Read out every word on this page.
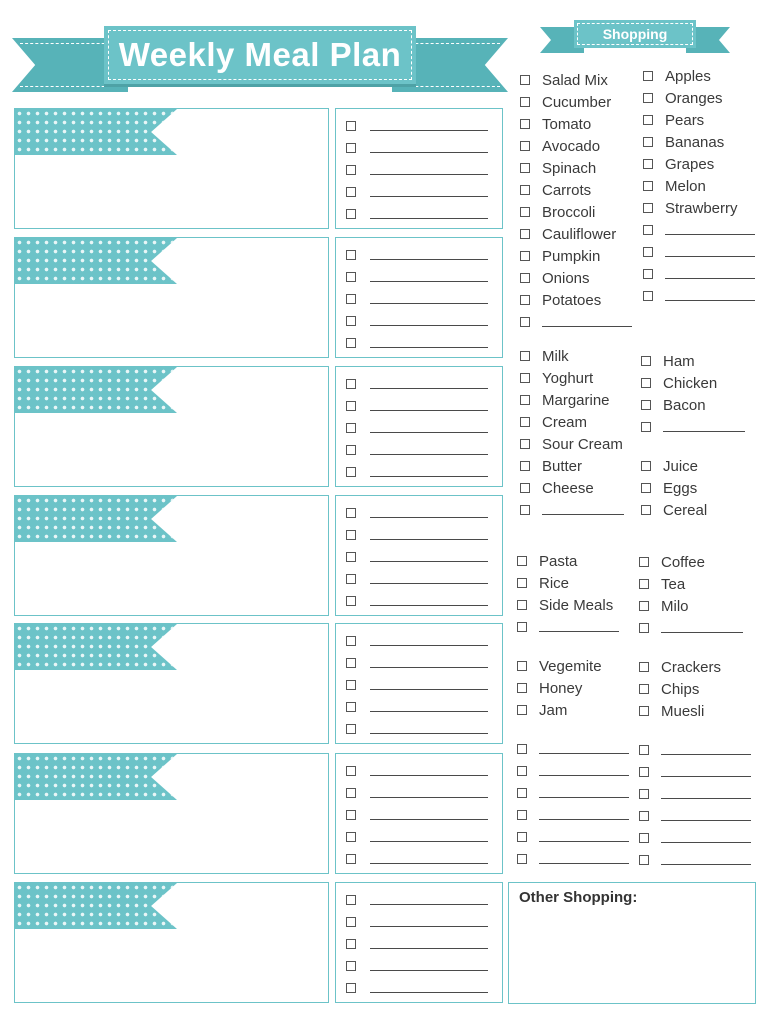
Weekly Meal Plan
Shopping
Salad Mix
Cucumber
Tomato
Avocado
Spinach
Carrots
Broccoli
Cauliflower
Pumpkin
Onions
Potatoes
Apples
Oranges
Pears
Bananas
Grapes
Melon
Strawberry
Milk
Yoghurt
Margarine
Cream
Sour Cream
Butter
Cheese
Ham
Chicken
Bacon
Juice
Eggs
Cereal
Pasta
Rice
Side Meals
Coffee
Tea
Milo
Vegemite
Honey
Jam
Crackers
Chips
Muesli
Other Shopping:
